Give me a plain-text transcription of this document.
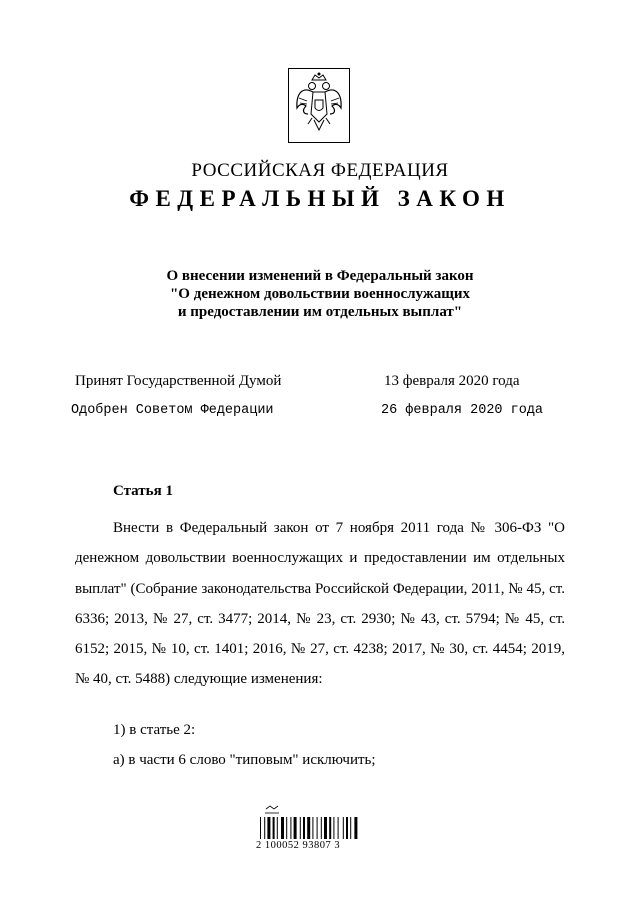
РОССИЙСКАЯ ФЕДЕРАЦИЯ
ФЕДЕРАЛЬНЫЙ ЗАКОН
О внесении изменений в Федеральный закон
"О денежном довольствии военнослужащих
и предоставлении им отдельных выплат"
Принят Государственной Думой	13 февраля 2020 года
Одобрен Советом Федерации	26 февраля 2020 года
Статья 1

Внести в Федеральный закон от 7 ноября 2011 года № 306-ФЗ "О денежном довольствии военнослужащих и предоставлении им отдельных выплат" (Собрание законодательства Российской Федерации, 2011, № 45, ст. 6336; 2013, № 27, ст. 3477; 2014, № 23, ст. 2930; № 43, ст. 5794; № 45, ст. 6152; 2015, № 10, ст. 1401; 2016, № 27, ст. 4238; 2017, № 30, ст. 4454; 2019, № 40, ст. 5488) следующие изменения:

1) в статье 2:
а) в части 6 слово "типовым" исключить;
2 100052 93807 3
